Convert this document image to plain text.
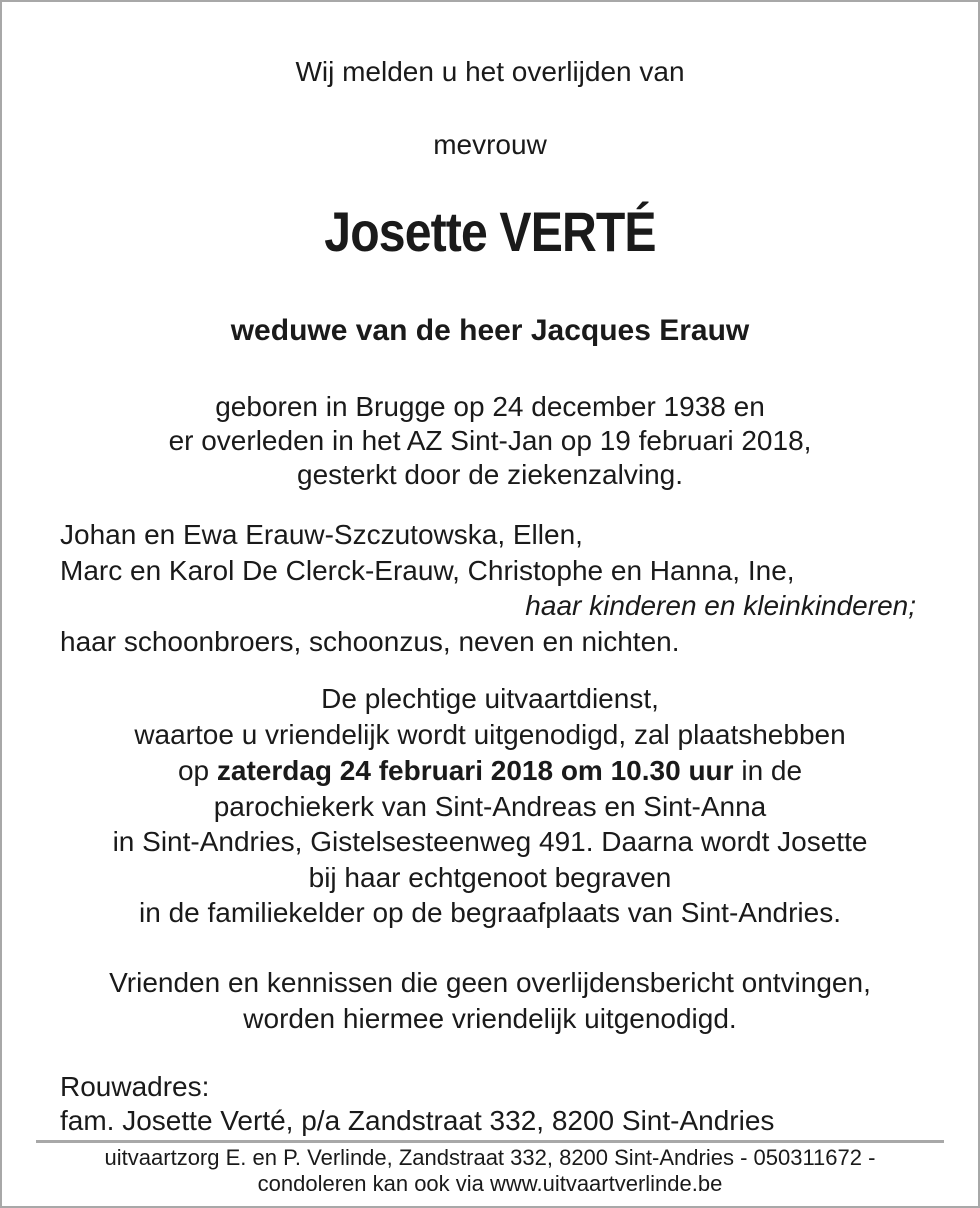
Wij melden u het overlijden van
mevrouw
Josette VERTÉ
weduwe van de heer Jacques Erauw
geboren in Brugge op 24 december 1938 en
er overleden in het AZ Sint-Jan op 19 februari 2018,
gesterkt door de ziekenzalving.
Johan en Ewa Erauw-Szczutowska, Ellen,
Marc en Karol De Clerck-Erauw, Christophe en Hanna, Ine,
haar kinderen en kleinkinderen;
haar schoonbroers, schoonzus, neven en nichten.
De plechtige uitvaartdienst,
waartoe u vriendelijk wordt uitgenodigd, zal plaatshebben
op zaterdag 24 februari 2018 om 10.30 uur in de
parochiekerk van Sint-Andreas en Sint-Anna
in Sint-Andries, Gistelsesteenweg 491. Daarna wordt Josette
bij haar echtgenoot begraven
in de familiekelder op de begraafplaats van Sint-Andries.
Vrienden en kennissen die geen overlijdensbericht ontvingen,
worden hiermee vriendelijk uitgenodigd.
Rouwadres:
fam. Josette Verté, p/a Zandstraat 332, 8200 Sint-Andries
uitvaartzorg E. en P. Verlinde, Zandstraat 332, 8200 Sint-Andries - 050311672 -
condoleren kan ook via www.uitvaartverlinde.be
